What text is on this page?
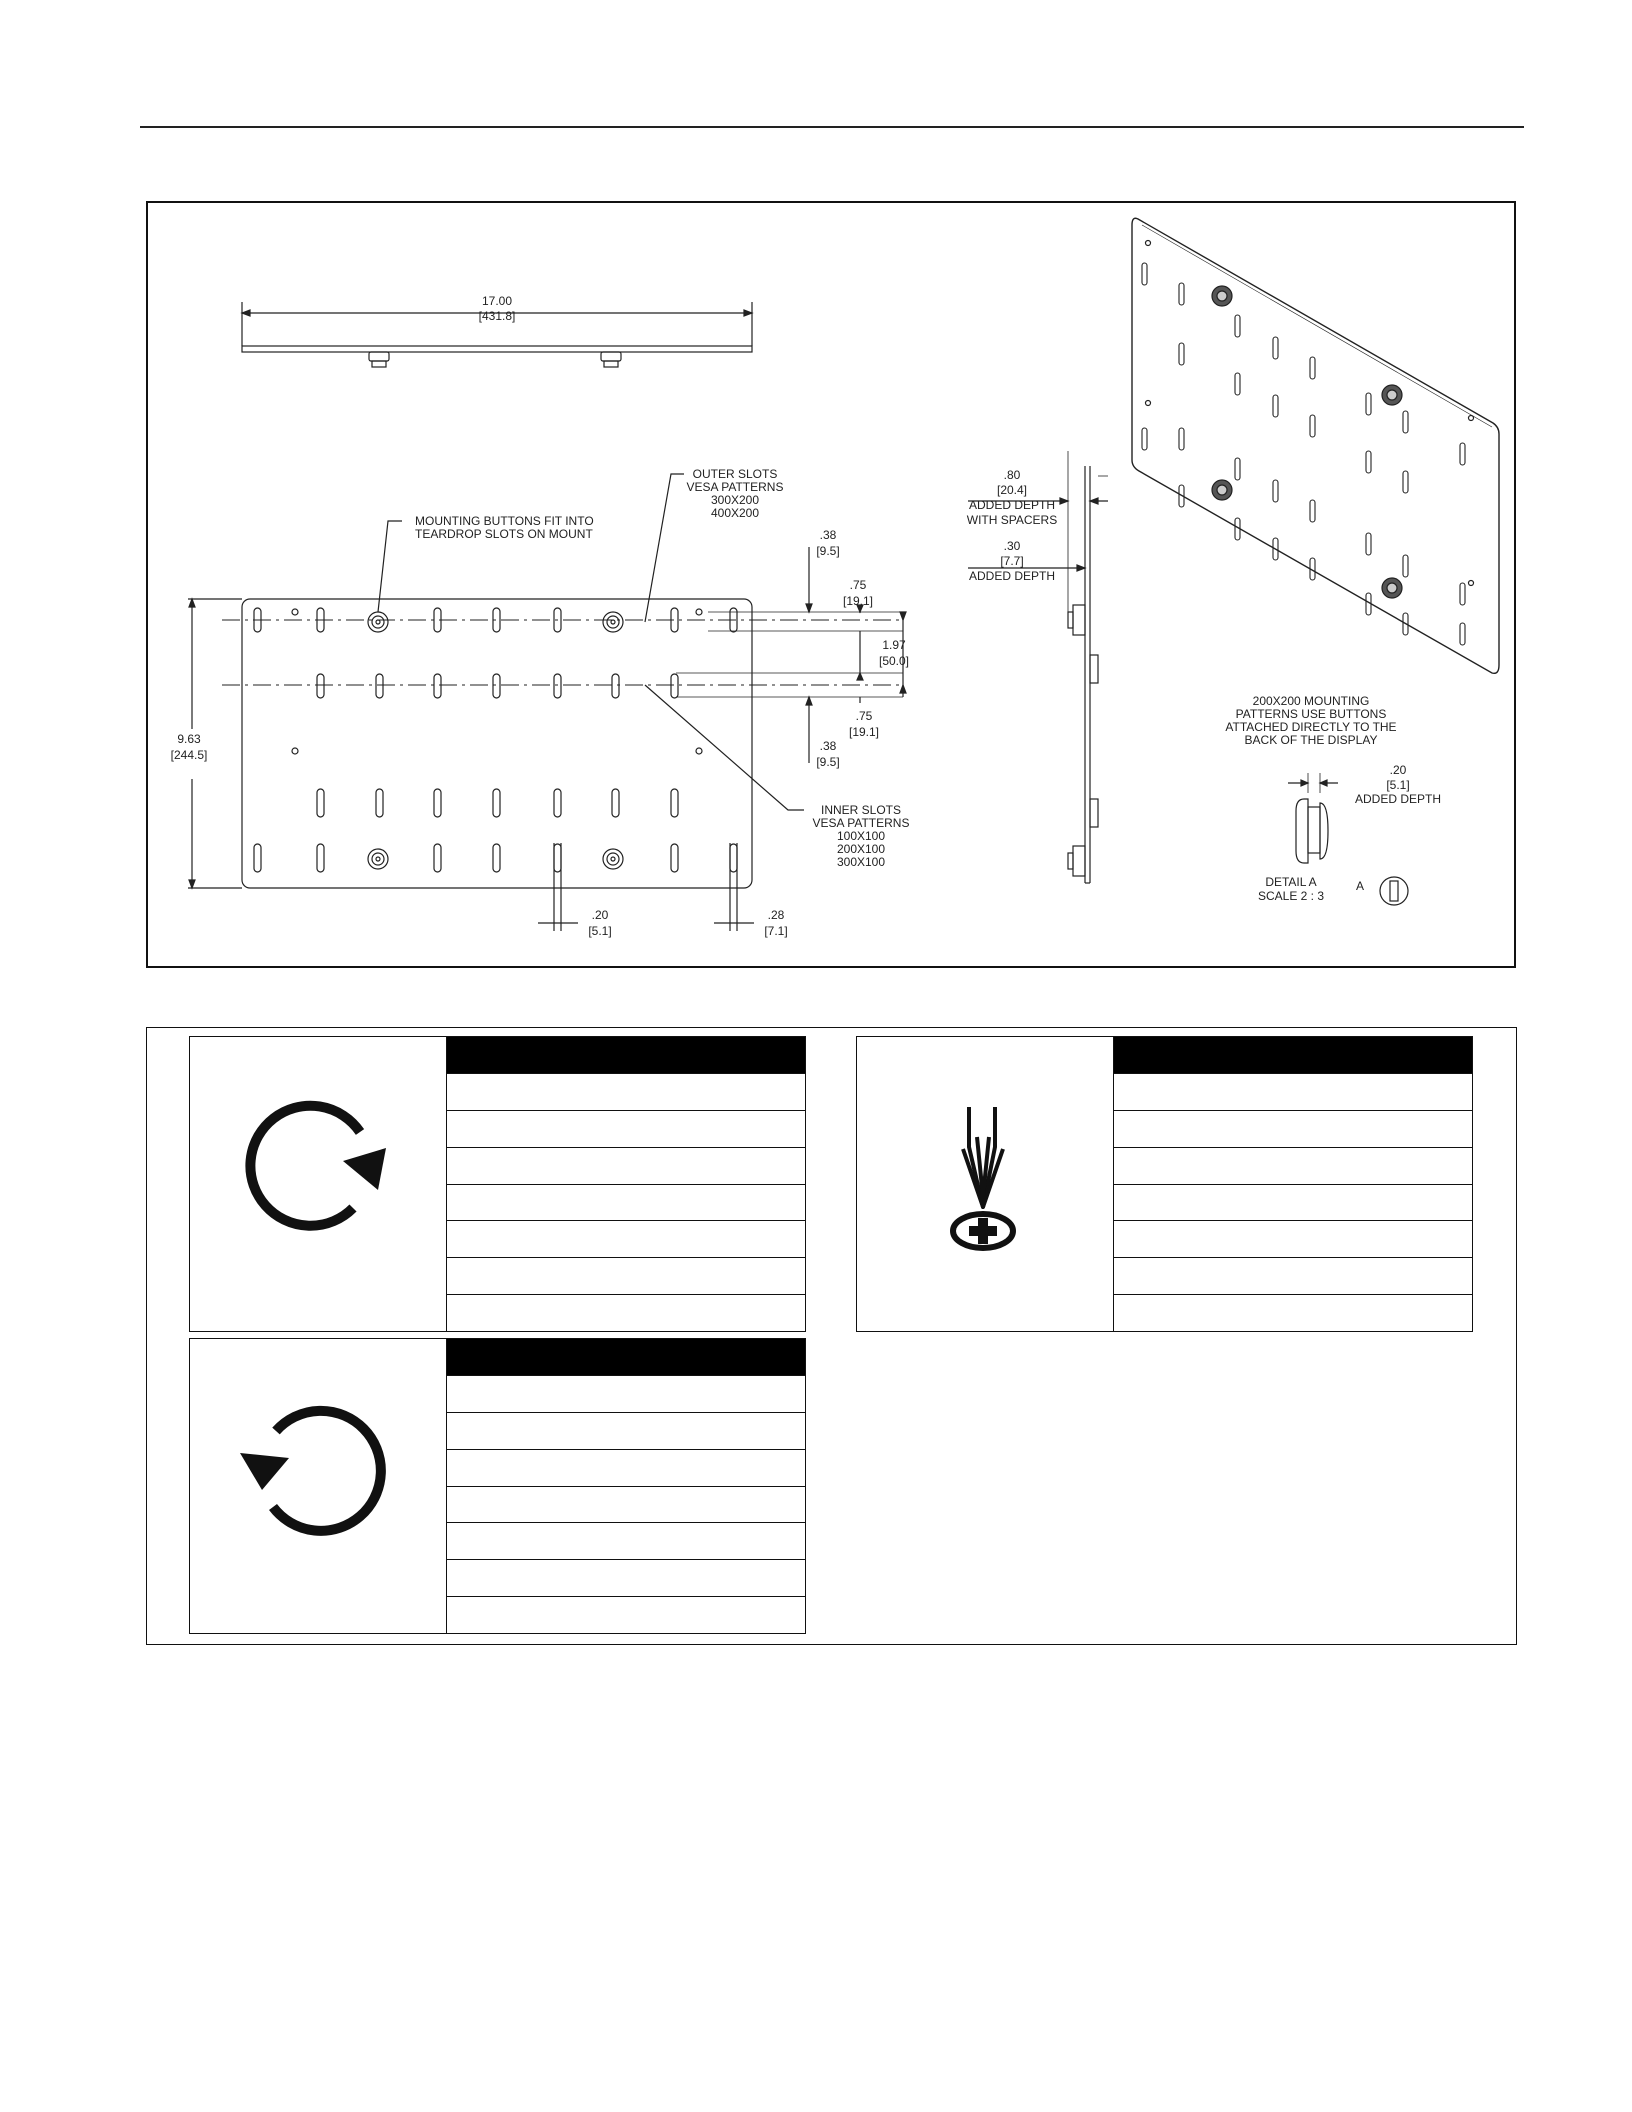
17.00
[431.8]
MOUNTING BUTTONS FIT INTO
TEARDROP SLOTS ON MOUNT
OUTER SLOTS
VESA PATTERNS
300X200
400X200
INNER SLOTS
VESA PATTERNS
100X100
200X100
300X100
9.63
[244.5]
.38
[9.5]
.75
[19.1]
1.97
[50.0]
.75
[19.1]
.38
[9.5]
.20
[5.1]
.28
[7.1]
.80
[20.4]
ADDED DEPTH
WITH SPACERS
.30
[7.7]
ADDED DEPTH
200X200 MOUNTING
PATTERNS USE BUTTONS
ATTACHED DIRECTLY TO THE
BACK OF THE DISPLAY
.20
[5.1]
ADDED DEPTH
DETAIL A
SCALE 2 : 3
A
